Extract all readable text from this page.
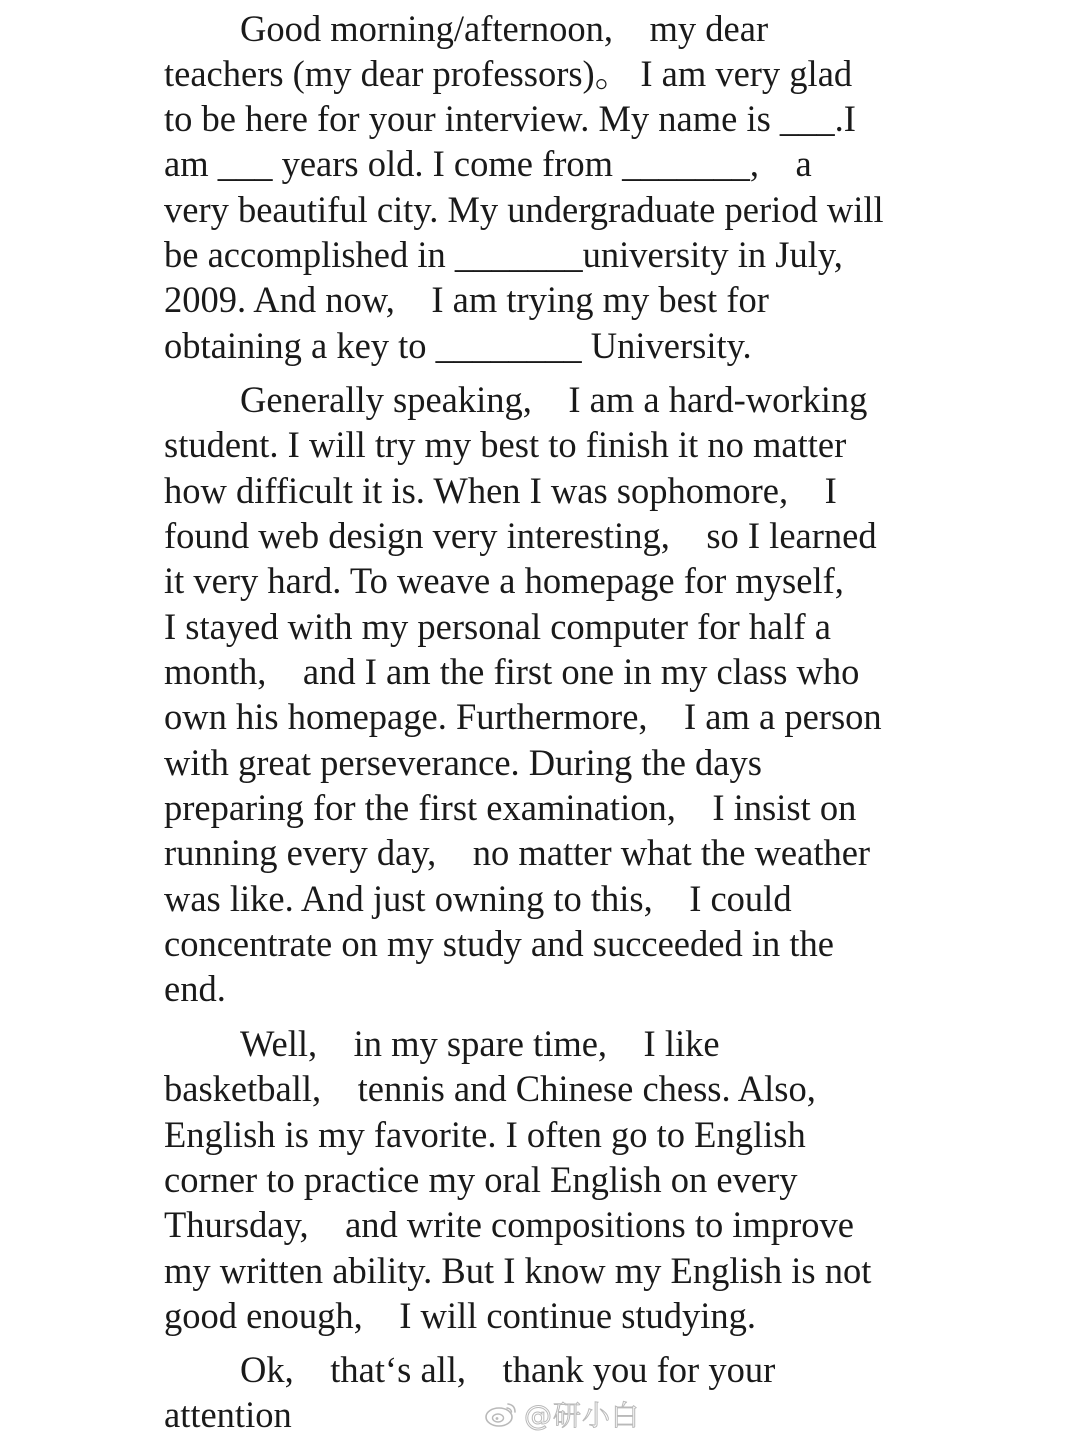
Good morning/afternoon,    my dear
teachers (my dear professors)。 I am very glad
to be here for your interview. My name is ___.I
am ___ years old. I come from _______,    a
very beautiful city. My undergraduate period will
be accomplished in _______university in July,
2009. And now,    I am trying my best for
obtaining a key to ________ University.
Generally speaking,    I am a hard-working
student. I will try my best to finish it no matter
how difficult it is. When I was sophomore,    I
found web design very interesting,    so I learned
it very hard. To weave a homepage for myself,
I stayed with my personal computer for half a
month,    and I am the first one in my class who
own his homepage. Furthermore,    I am a person
with great perseverance. During the days
preparing for the first examination,    I insist on
running every day,    no matter what the weather
was like. And just owning to this,    I could
concentrate on my study and succeeded in the
end.
Well,    in my spare time,    I like
basketball,    tennis and Chinese chess. Also,
English is my favorite. I often go to English
corner to practice my oral English on every
Thursday,    and write compositions to improve
my written ability. But I know my English is not
good enough,    I will continue studying.
Ok,    that‘s all,    thank you for your
attention	@研小白
